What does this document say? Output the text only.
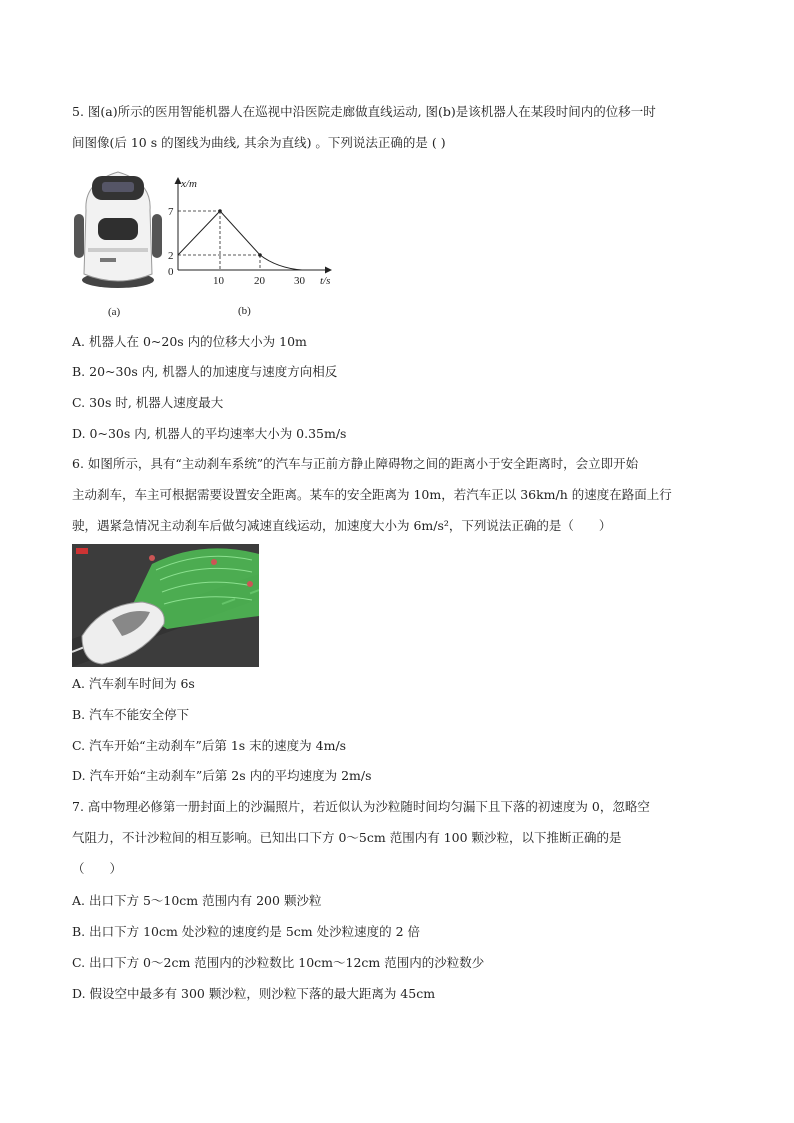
5. 图(a)所示的医用智能机器人在巡视中沿医院走廊做直线运动, 图(b)是该机器人在某段时间内的位移一时
间图像(后 10 s 的图线为曲线, 其余为直线) 。下列说法正确的是 ( )
(a)
x/m
0
7
2
10	20	30 t/s
(b)
A. 机器人在 0~20s 内的位移大小为 10m
B. 20~30s 内, 机器人的加速度与速度方向相反
C. 30s 时, 机器人速度最大
D. 0~30s 内, 机器人的平均速率大小为 0.35m/s
6. 如图所示，具有“主动刹车系统”的汽车与正前方静止障碍物之间的距离小于安全距离时，会立即开始
主动刹车，车主可根据需要设置安全距离。某车的安全距离为 10m，若汽车正以 36km/h 的速度在路面上行
驶，遇紧急情况主动刹车后做匀减速直线运动，加速度大小为 6m/s²，下列说法正确的是（　　）
A. 汽车刹车时间为 6s
B. 汽车不能安全停下
C. 汽车开始“主动刹车”后第 1s 末的速度为 4m/s
D. 汽车开始“主动刹车”后第 2s 内的平均速度为 2m/s
7. 高中物理必修第一册封面上的沙漏照片，若近似认为沙粒随时间均匀漏下且下落的初速度为 0，忽略空
气阻力，不计沙粒间的相互影响。已知出口下方 0～5cm 范围内有 100 颗沙粒，以下推断正确的是
（　　）
A. 出口下方 5～10cm 范围内有 200 颗沙粒
B. 出口下方 10cm 处沙粒的速度约是 5cm 处沙粒速度的 2 倍
C. 出口下方 0～2cm 范围内的沙粒数比 10cm～12cm 范围内的沙粒数少
D. 假设空中最多有 300 颗沙粒，则沙粒下落的最大距离为 45cm
